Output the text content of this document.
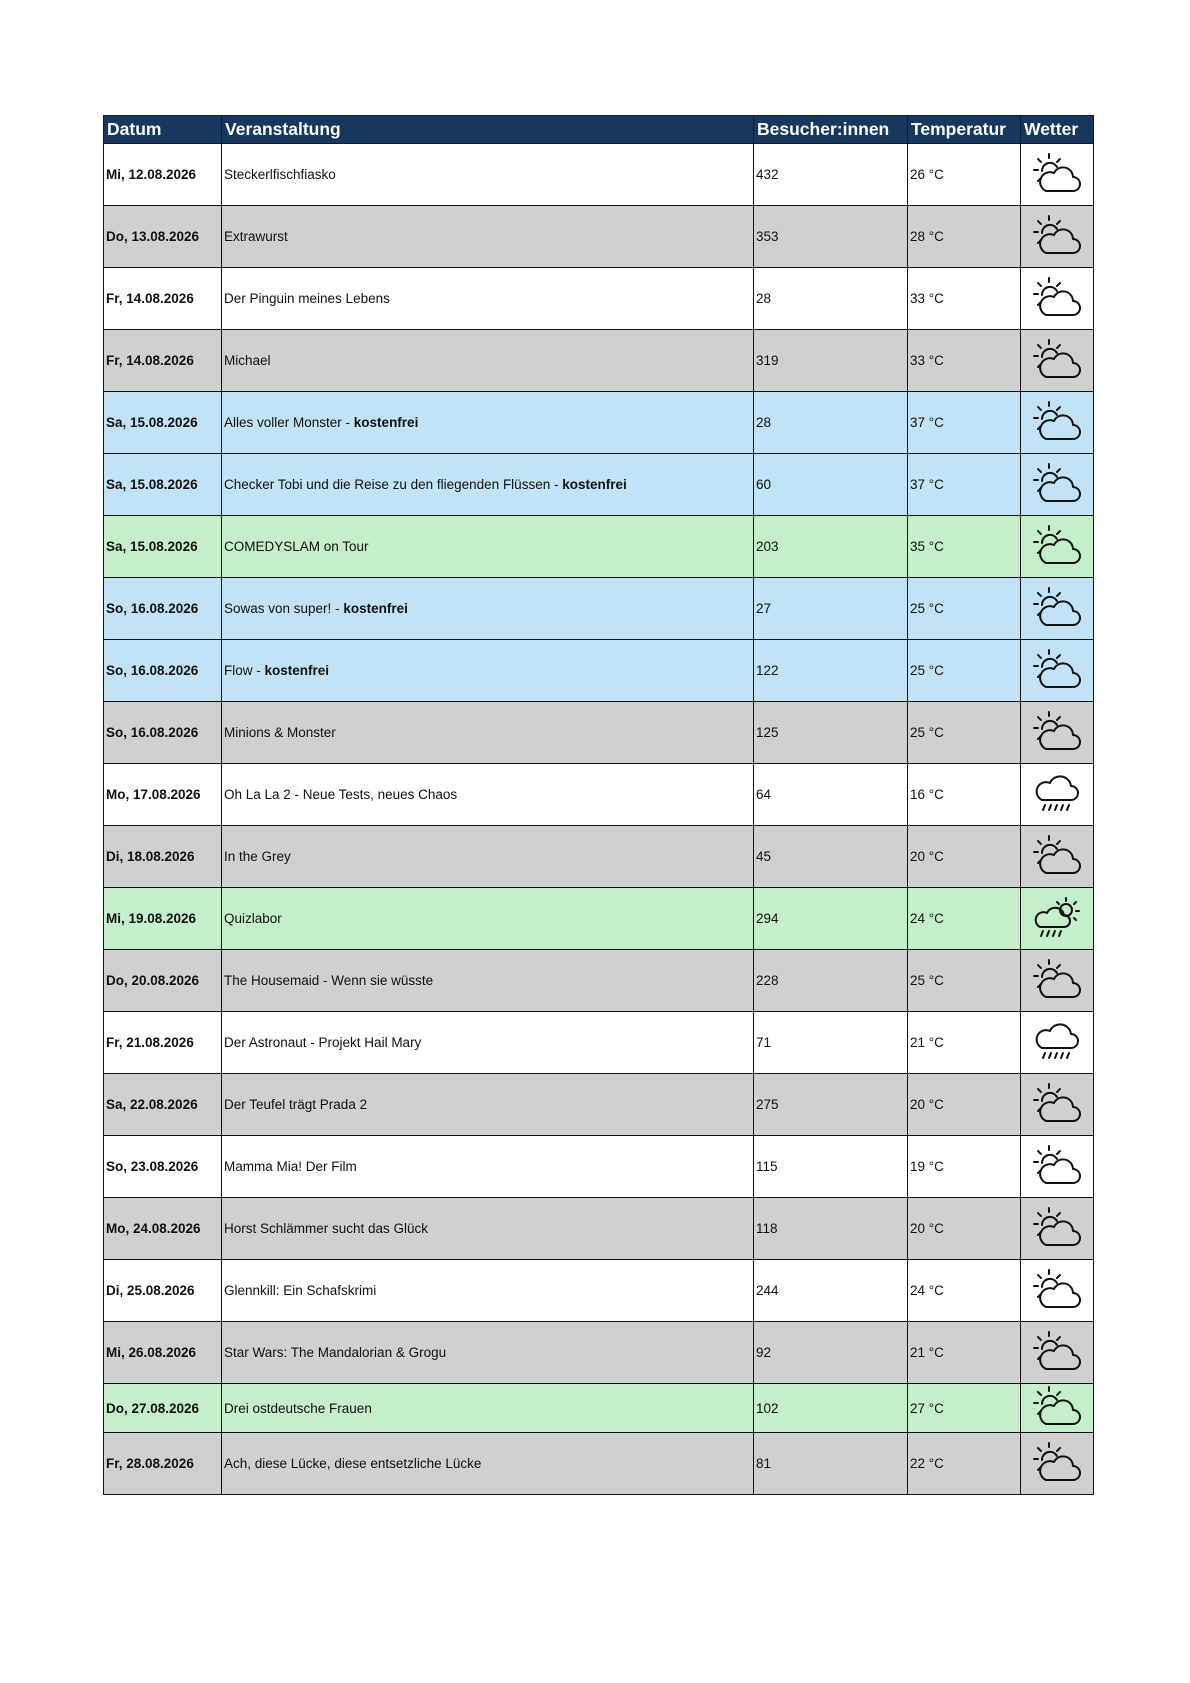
Datum	Veranstaltung	Besucher:innen	Temperatur	Wetter
Mi, 12.08.2026	Steckerlfischfiasko	432	26 °C	

Do, 13.08.2026	Extrawurst	353	28 °C	

Fr, 14.08.2026	Der Pinguin meines Lebens	28	33 °C	

Fr, 14.08.2026	Michael	319	33 °C	

Sa, 15.08.2026	Alles voller Monster - kostenfrei	28	37 °C	

Sa, 15.08.2026	Checker Tobi und die Reise zu den fliegenden Flüssen - kostenfrei	60	37 °C	

Sa, 15.08.2026	COMEDYSLAM on Tour	203	35 °C	

So, 16.08.2026	Sowas von super! - kostenfrei	27	25 °C	

So, 16.08.2026	Flow - kostenfrei	122	25 °C	

So, 16.08.2026	Minions & Monster	125	25 °C	

Mo, 17.08.2026	Oh La La 2 - Neue Tests, neues Chaos	64	16 °C	

Di, 18.08.2026	In the Grey	45	20 °C	

Mi, 19.08.2026	Quizlabor	294	24 °C	

Do, 20.08.2026	The Housemaid - Wenn sie wüsste	228	25 °C	

Fr, 21.08.2026	Der Astronaut - Projekt Hail Mary	71	21 °C	

Sa, 22.08.2026	Der Teufel trägt Prada 2	275	20 °C	

So, 23.08.2026	Mamma Mia! Der Film	115	19 °C	

Mo, 24.08.2026	Horst Schlämmer sucht das Glück	118	20 °C	

Di, 25.08.2026	Glennkill: Ein Schafskrimi	244	24 °C	

Mi, 26.08.2026	Star Wars: The Mandalorian & Grogu	92	21 °C	

Do, 27.08.2026	Drei ostdeutsche Frauen	102	27 °C	

Fr, 28.08.2026	Ach, diese Lücke, diese entsetzliche Lücke	81	22 °C	
